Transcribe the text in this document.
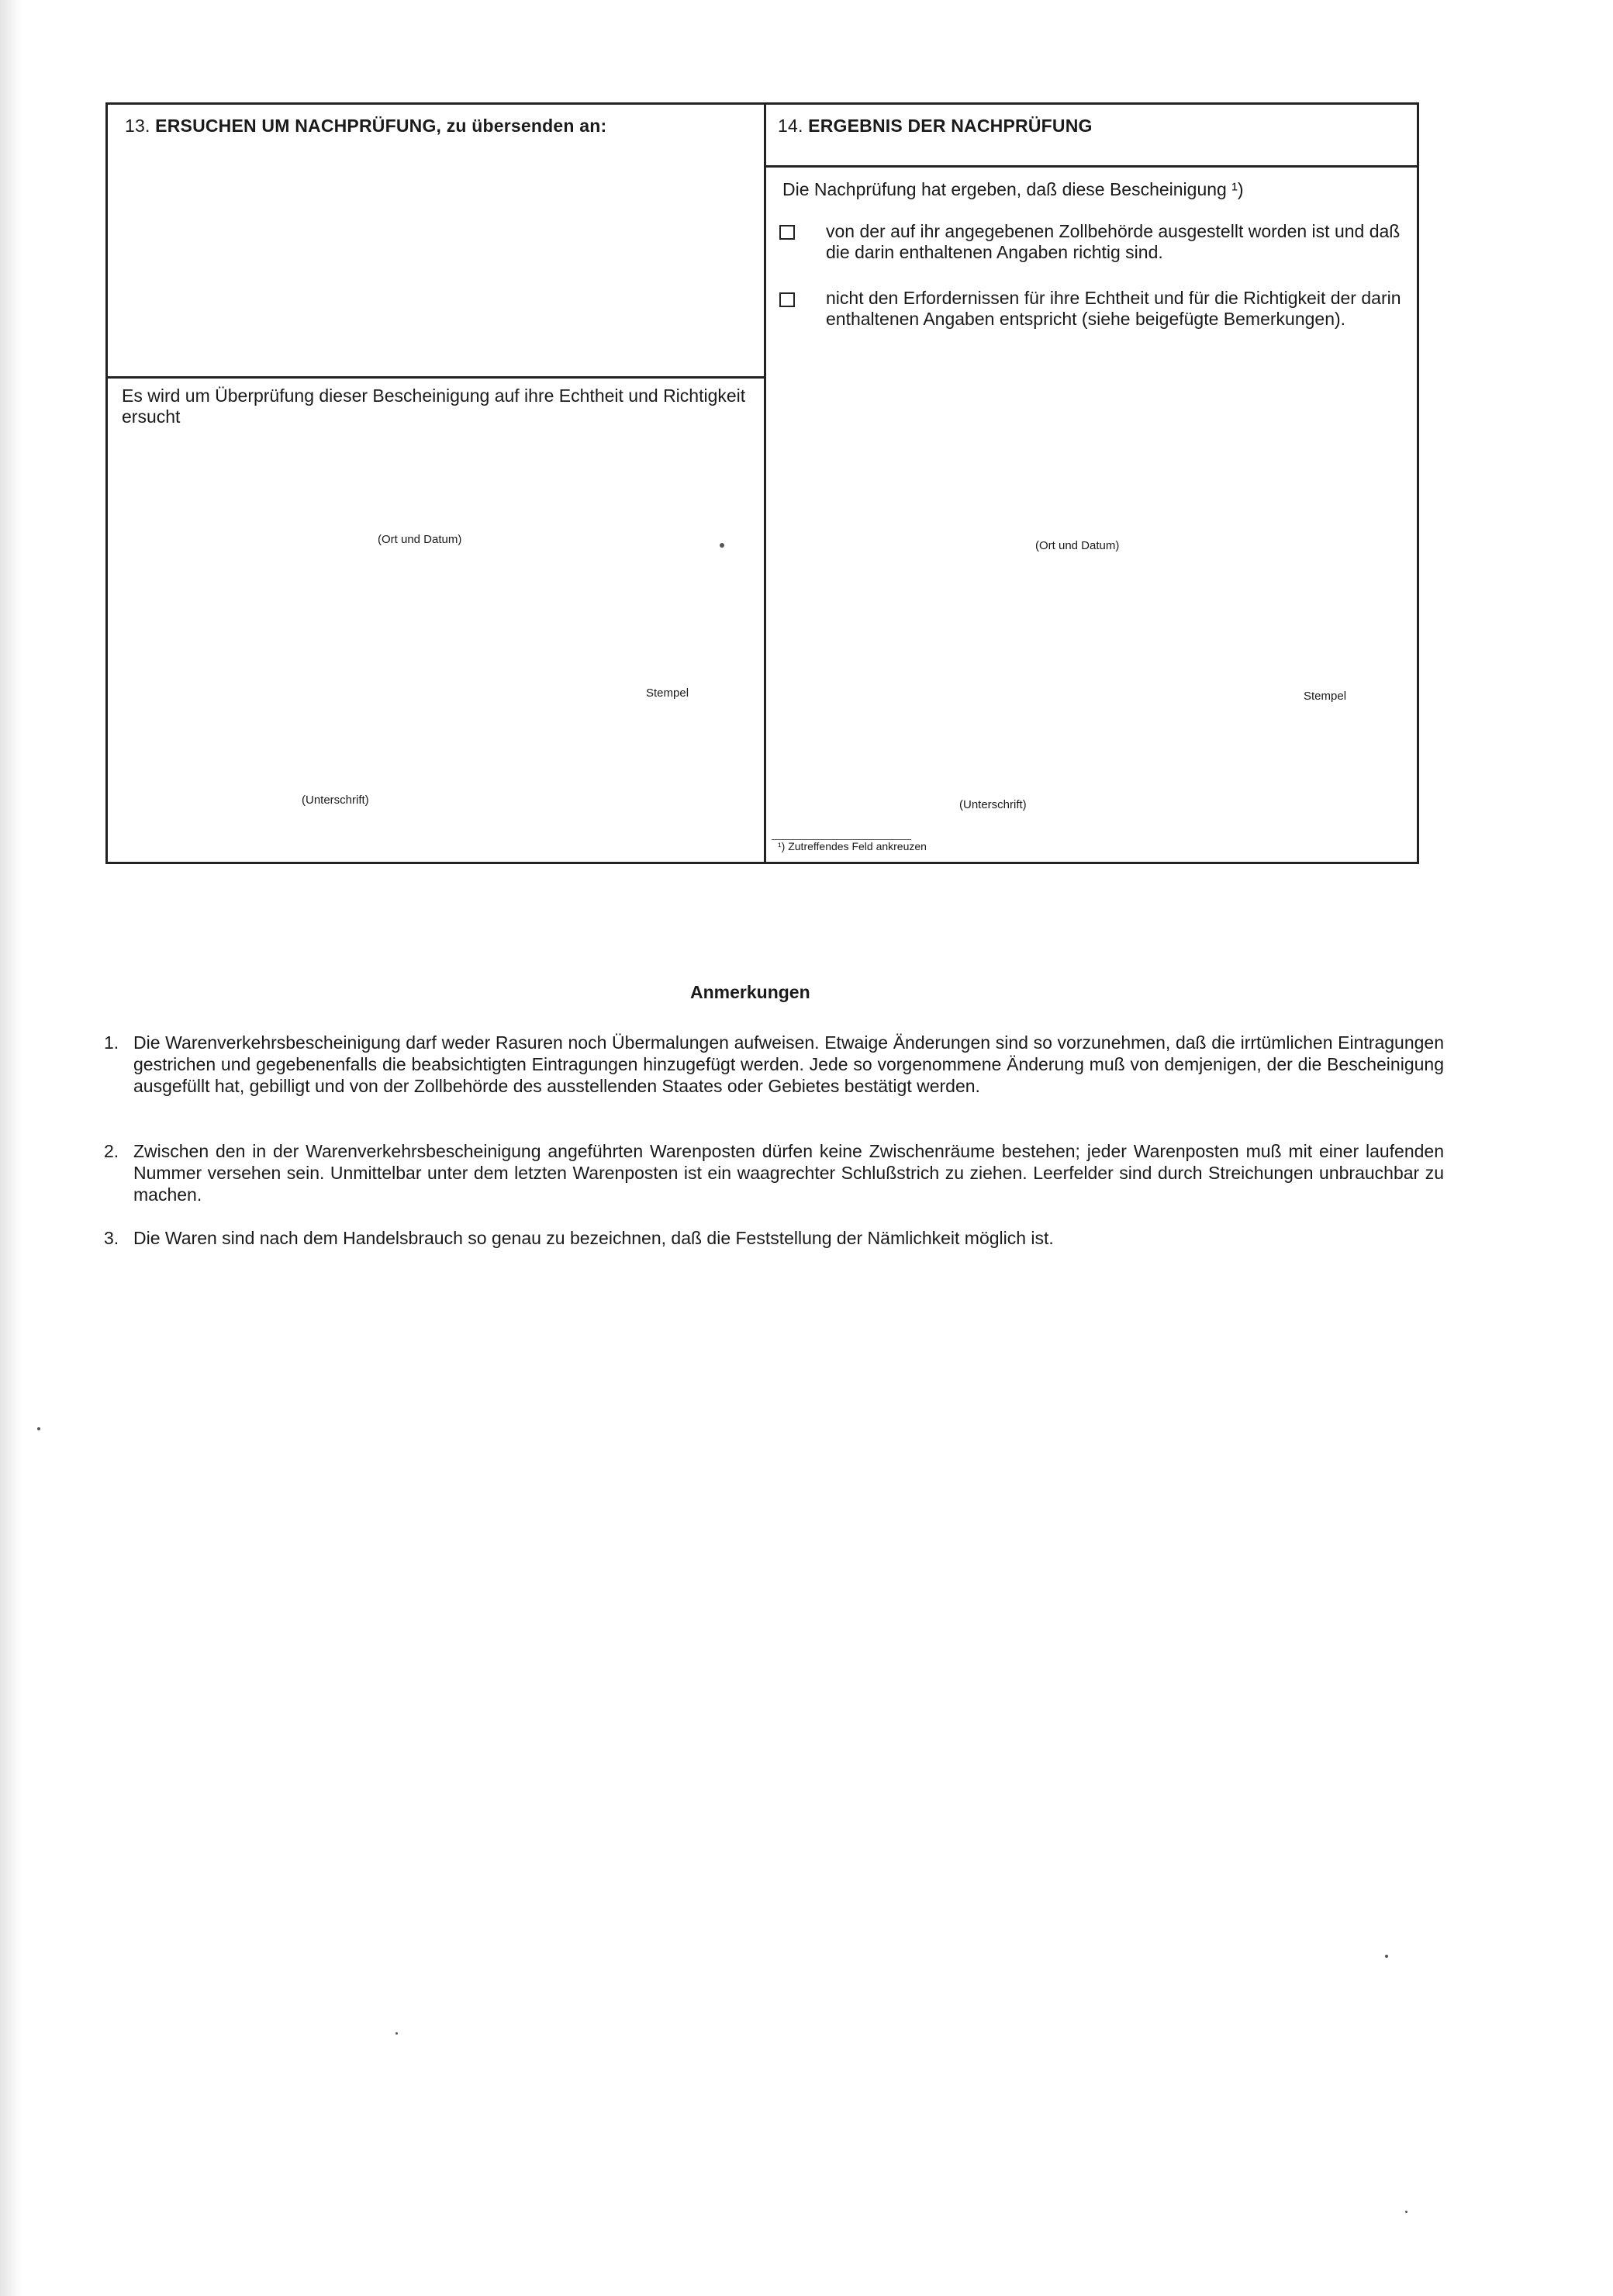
13. ERSUCHEN UM NACHPRÜFUNG, zu übersenden an:
Es wird um Überprüfung dieser Bescheinigung auf ihre Echtheit und Richtigkeit ersucht
(Ort und Datum)
Stempel
(Unterschrift)
14. ERGEBNIS DER NACHPRÜFUNG
Die Nachprüfung hat ergeben, daß diese Bescheinigung ¹)
von der auf ihr angegebenen Zollbehörde ausgestellt worden ist und daß die darin enthaltenen Angaben richtig sind.
nicht den Erfordernissen für ihre Echtheit und für die Richtigkeit der darin enthaltenen Angaben entspricht (siehe beigefügte Bemerkungen).
(Ort und Datum)
Stempel
(Unterschrift)
¹) Zutreffendes Feld ankreuzen
Anmerkungen
1. Die Warenverkehrsbescheinigung darf weder Rasuren noch Übermalungen aufweisen. Etwaige Änderungen sind so vorzunehmen, daß die irrtümlichen Eintragungen gestrichen und gegebenenfalls die beabsichtigten Eintragungen hinzugefügt werden. Jede so vorgenommene Änderung muß von demjenigen, der die Bescheinigung ausgefüllt hat, gebilligt und von der Zollbehörde des ausstellenden Staates oder Gebietes bestätigt werden.
2. Zwischen den in der Warenverkehrsbescheinigung angeführten Warenposten dürfen keine Zwischenräume bestehen; jeder Warenposten muß mit einer laufenden Nummer versehen sein. Unmittelbar unter dem letzten Warenposten ist ein waagrechter Schlußstrich zu ziehen. Leerfelder sind durch Streichungen unbrauchbar zu machen.
3. Die Waren sind nach dem Handelsbrauch so genau zu bezeichnen, daß die Feststellung der Nämlichkeit möglich ist.
